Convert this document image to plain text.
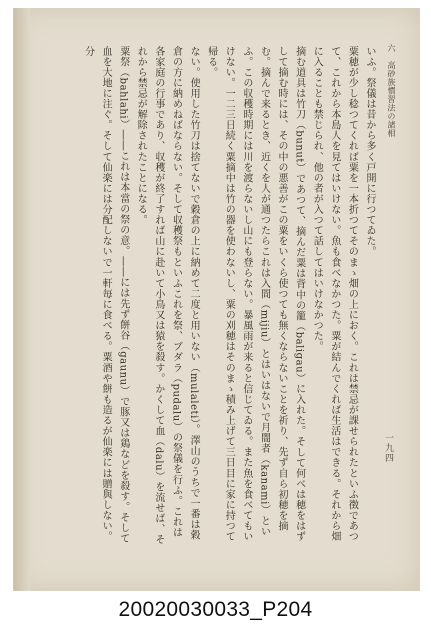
六　高砂族慣習法の諸相

いふ。祭儀は昔から多く戸開に行つてゐた。

粟穂が少し稔つてくれば粟を一本折つてそのまゝ畑の上におく。これは禁忌が課せられたといふ徴であつて、これから本島人を見てはいけない。魚も食べなかつた。粟が結んでくれば生活はできる。それから畑に入ることも禁じられ、他の者が入つて話してはいけなかつた。

摘む道具は竹刀（bunut）であつて、摘んだ粟は背中の籠（baligau）に入れた。そして何べは穂をはずして摘む時には、その中の悪善がこの粟をいくら使つても無くならないことを祈り、先ず自ら初穂を摘む。摘んで来るとき、近くを人が通つたらこれは入間（mijiu）とはいはないで月闇者（kanami）といふ。この収穫時期には川を渡らないし山にも登らない。暴風雨が来ると信じてゐる。また魚を食べてもいけない。一二三日続く粟摘中は竹の器を使わないし、粟の刈穂はそのまゝ積み上げて三日目に家に持つて帰る。

ない。使用した竹刀は捨てないで穀倉の上に納めて二度と用いない（mulaleti）。澤山のうちで一番は穀倉の方に納めねばならない。そして収穫祭もといふこれを祭、ブダラ（pudalu）の祭儀を行ふ。これは各家庭の行事であり、収穫が終了すれば山に赴いて小鳥又は猿を殺す。かくして血（dalu）を流せば、それから禁忌が解除されたことになる。

粟祭（bahlahi）――これは本當の祭の意。――には先ず餅谷（gaunu）で豚又は鶏などを殺す。そして血を大地に注ぐ。そして仙楽には分配しないで一軒毎に食べる。粟酒や餅も造るが仙楽には贈與しない。分

一九四
20020030033_P204
